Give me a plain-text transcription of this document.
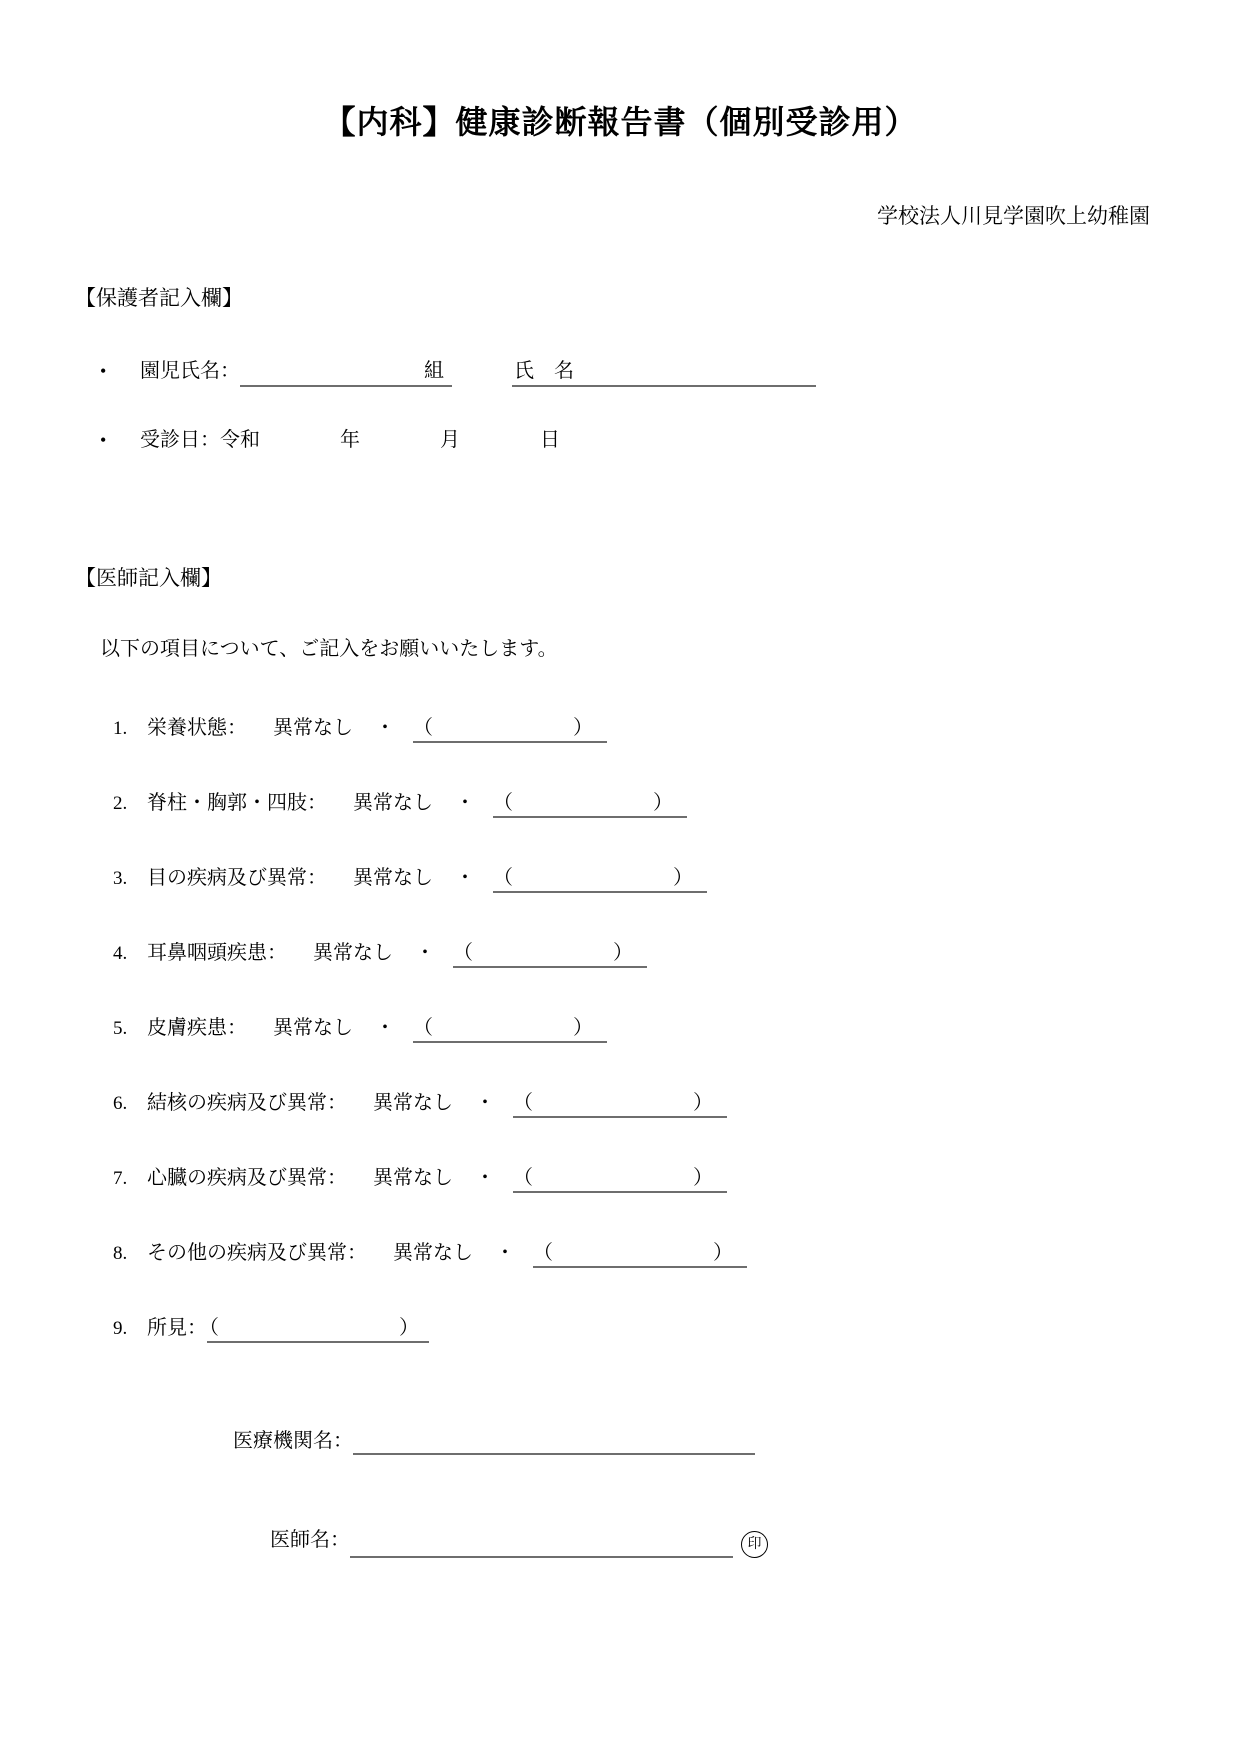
【内科】健康診断報告書（個別受診用）
学校法人川見学園吹上幼稚園
【保護者記入欄】
• 園児氏名：	組	氏　名
• 受診日：令和　　　　年　　　　月　　　　日
【医師記入欄】

以下の項目について、ご記入をお願いいたします。

1. 栄養状態： 異常なし ・ （　　　　　　　）
2. 脊柱・胸郭・四肢： 異常なし ・ （　　　　　　　）
3. 目の疾病及び異常： 異常なし ・ （　　　　　　　　）
4. 耳鼻咽頭疾患： 異常なし ・ （　　　　　　　）
5. 皮膚疾患： 異常なし ・ （　　　　　　　）
6. 結核の疾病及び異常： 異常なし ・ （　　　　　　　　）
7. 心臓の疾病及び異常： 異常なし ・ （　　　　　　　　）
8. その他の疾病及び異常： 異常なし ・ （　　　　　　　　）
9. 所見： （　　　　　　　　　）
医療機関名：
医師名：	印
